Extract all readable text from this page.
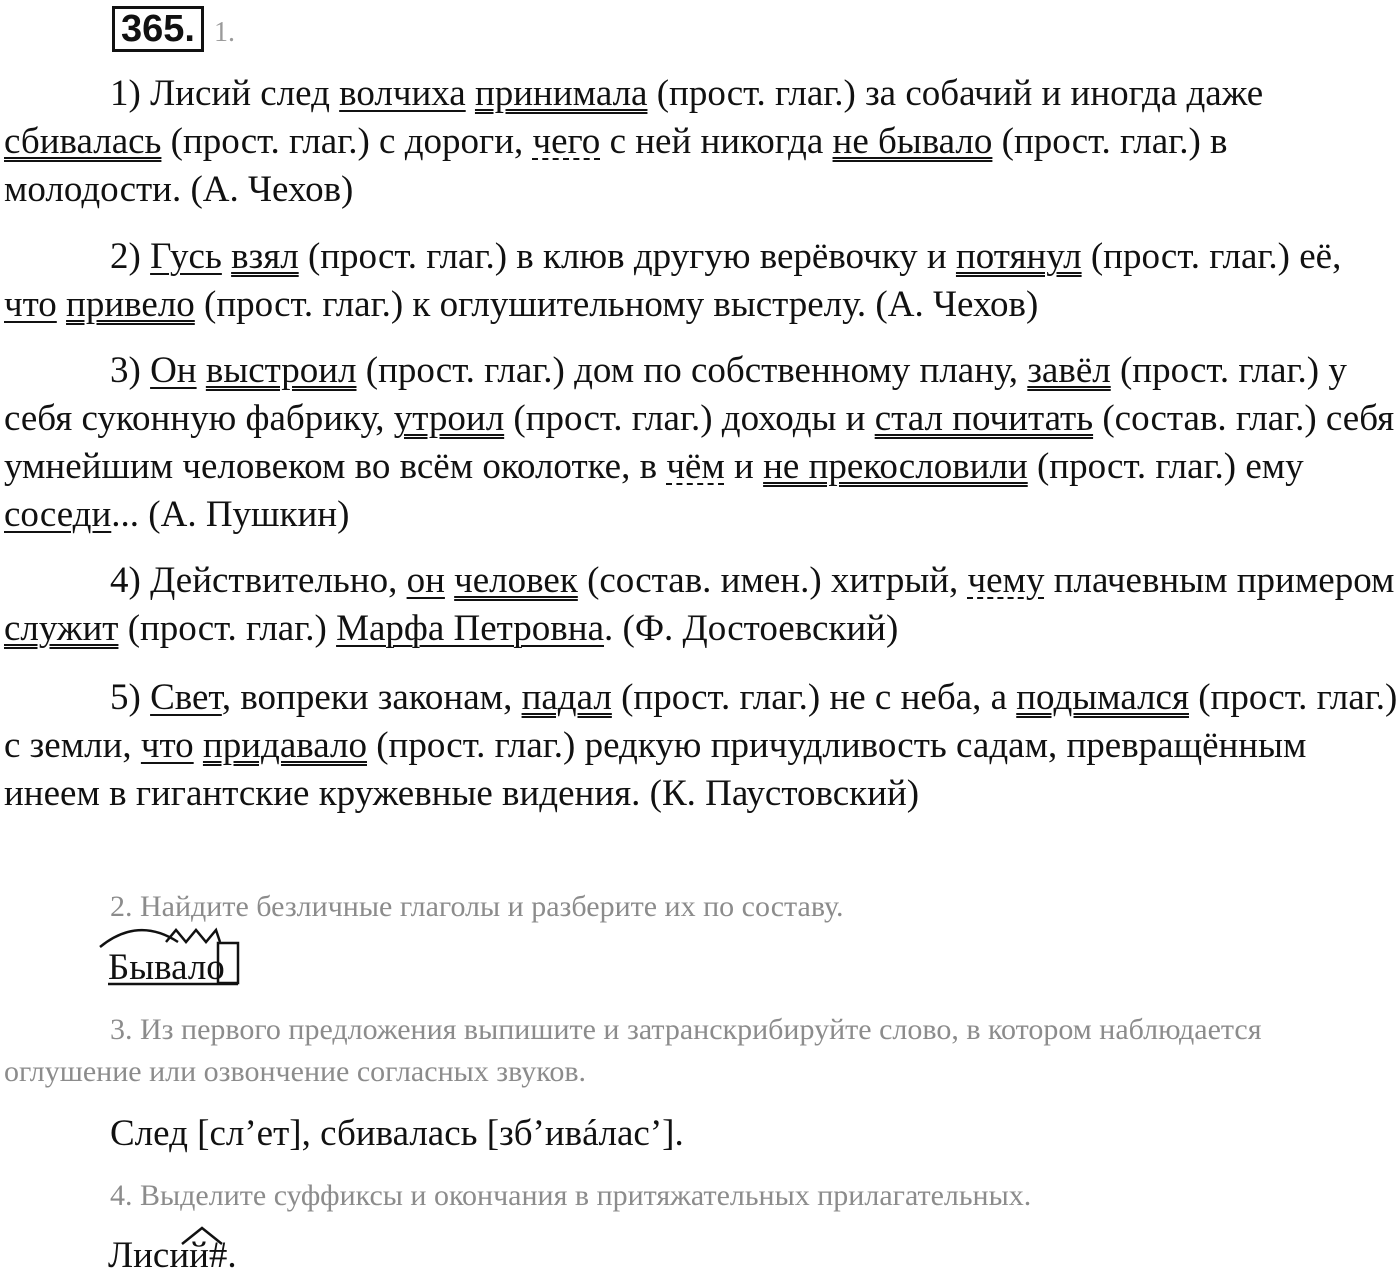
365. 1.

1) Лисий след волчиха принимала (прост. глаг.) за собачий и иногда даже сбивалась (прост. глаг.) с дороги, чего с ней никогда не бывало (прост. глаг.) в молодости. (А. Чехов)

2) Гусь взял (прост. глаг.) в клюв другую верёвочку и потянул (прост. глаг.) её, что привело (прост. глаг.) к оглушительному выстрелу. (А. Чехов)

3) Он выстроил (прост. глаг.) дом по собственному плану, завёл (прост. глаг.) у себя суконную фабрику, утроил (прост. глаг.) доходы и стал почитать (состав. глаг.) себя умнейшим человеком во всём околотке, в чём и не прекословили (прост. глаг.) ему соседи... (А. Пушкин)

4) Действительно, он человек (состав. имен.) хитрый, чему плачевным примером служит (прост. глаг.) Марфа Петровна. (Ф. Достоевский)

5) Свет, вопреки законам, падал (прост. глаг.) не с неба, а подымался (прост. глаг.) с земли, что придавало (прост. глаг.) редкую причудливость садам, превращённым инеем в гигантские кружевные видения. (К. Паустовский)

2. Найдите безличные глаголы и разберите их по составу.

Бывало

3. Из первого предложения выпишите и затранскрибируйте слово, в котором наблюдается оглушение или озвончение согласных звуков.

След [сл’ет], сбивалась [зб’ивáлас’].

4. Выделите суффиксы и окончания в притяжательных прилагательных.

Лисий#.
